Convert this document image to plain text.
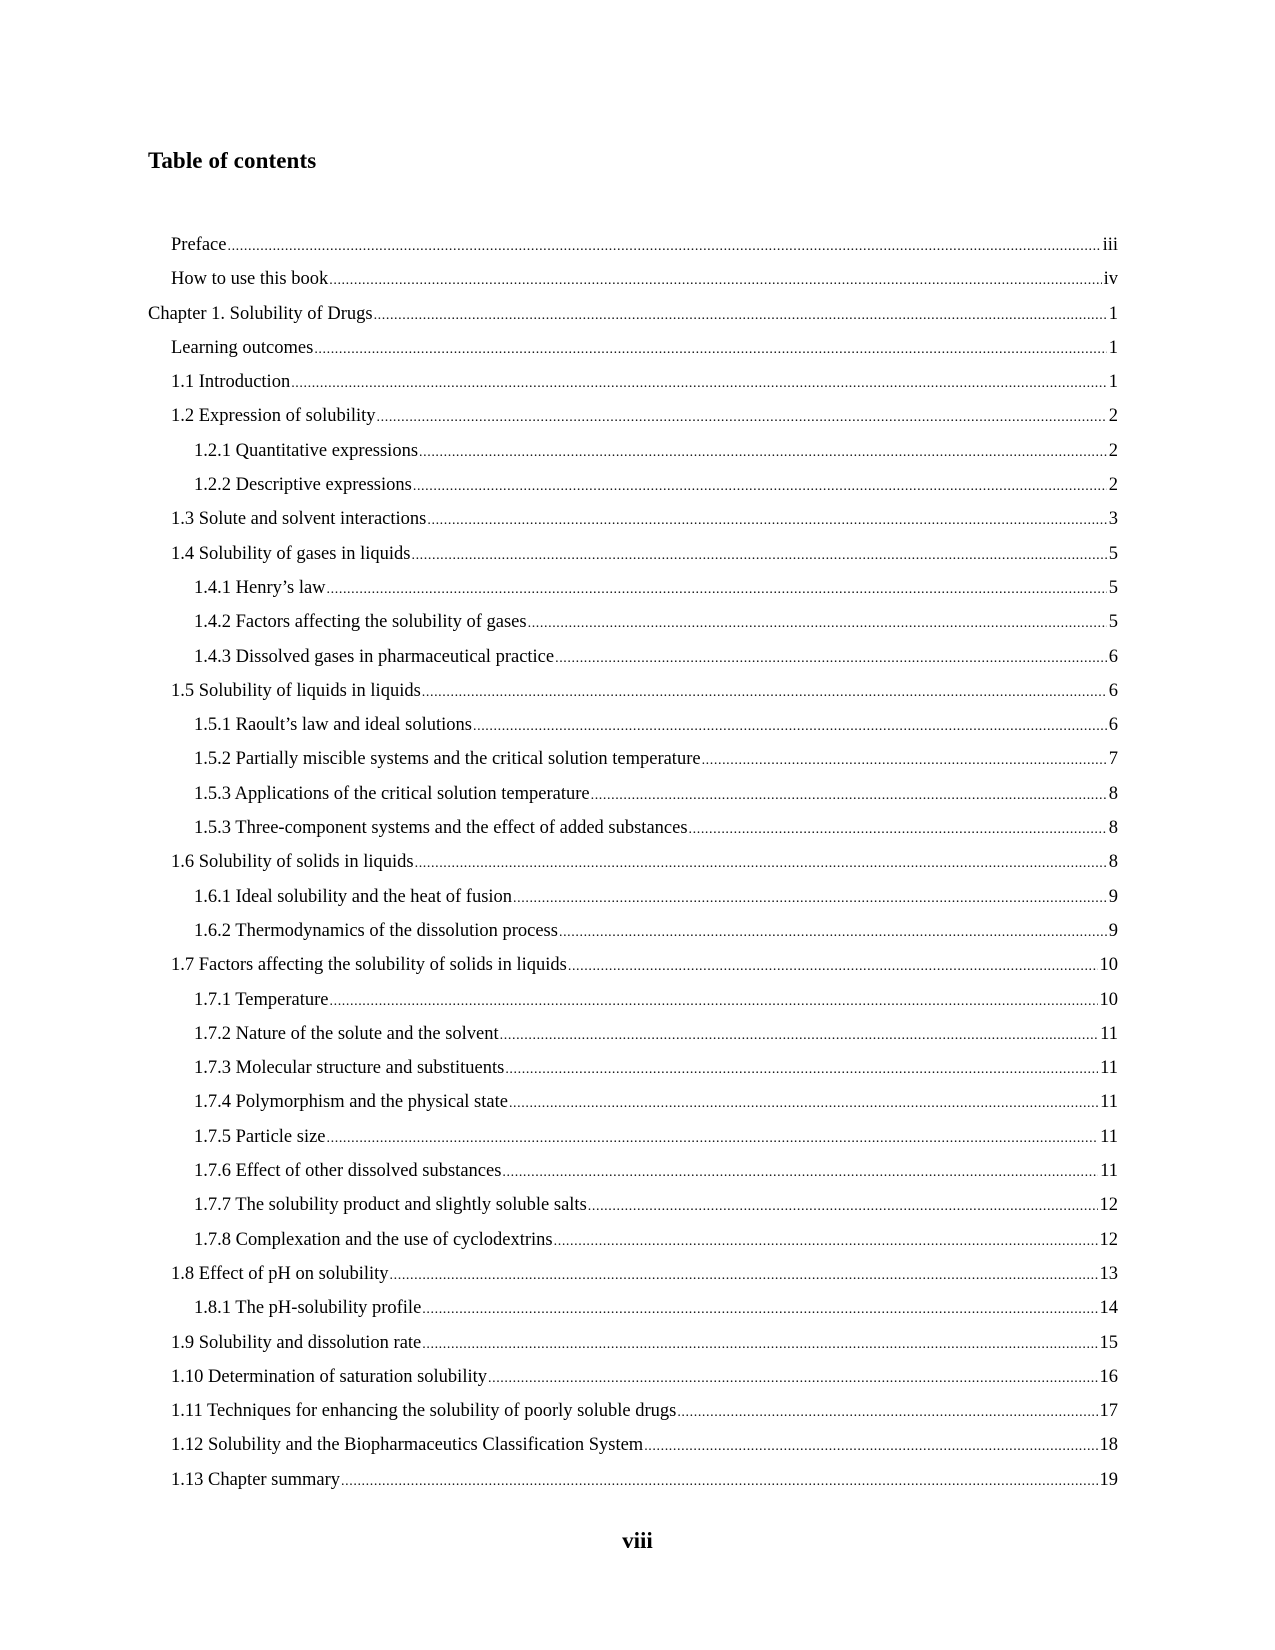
Table of contents
Preface .....	iii
How to use this book .....	iv
Chapter 1. Solubility of Drugs .....	1
Learning outcomes .....	1
1.1 Introduction .....	1
1.2 Expression of solubility .....	2
1.2.1 Quantitative expressions .....	2
1.2.2 Descriptive expressions .....	2
1.3 Solute and solvent interactions .....	3
1.4 Solubility of gases in liquids .....	5
1.4.1 Henry’s law .....	5
1.4.2 Factors affecting the solubility of gases .....	5
1.4.3 Dissolved gases in pharmaceutical practice .....	6
1.5 Solubility of liquids in liquids .....	6
1.5.1 Raoult’s law and ideal solutions .....	6
1.5.2 Partially miscible systems and the critical solution temperature .....	7
1.5.3 Applications of the critical solution temperature .....	8
1.5.3 Three-component systems and the effect of added substances .....	8
1.6 Solubility of solids in liquids .....	8
1.6.1 Ideal solubility and the heat of fusion .....	9
1.6.2 Thermodynamics of the dissolution process .....	9
1.7 Factors affecting the solubility of solids in liquids .....	10
1.7.1 Temperature .....	10
1.7.2 Nature of the solute and the solvent .....	11
1.7.3 Molecular structure and substituents .....	11
1.7.4 Polymorphism and the physical state .....	11
1.7.5 Particle size .....	11
1.7.6 Effect of other dissolved substances .....	11
1.7.7 The solubility product and slightly soluble salts .....	12
1.7.8 Complexation and the use of cyclodextrins .....	12
1.8 Effect of pH on solubility .....	13
1.8.1 The pH-solubility profile .....	14
1.9 Solubility and dissolution rate .....	15
1.10 Determination of saturation solubility .....	16
1.11 Techniques for enhancing the solubility of poorly soluble drugs .....	17
1.12 Solubility and the Biopharmaceutics Classification System .....	18
1.13 Chapter summary .....	19

viii
